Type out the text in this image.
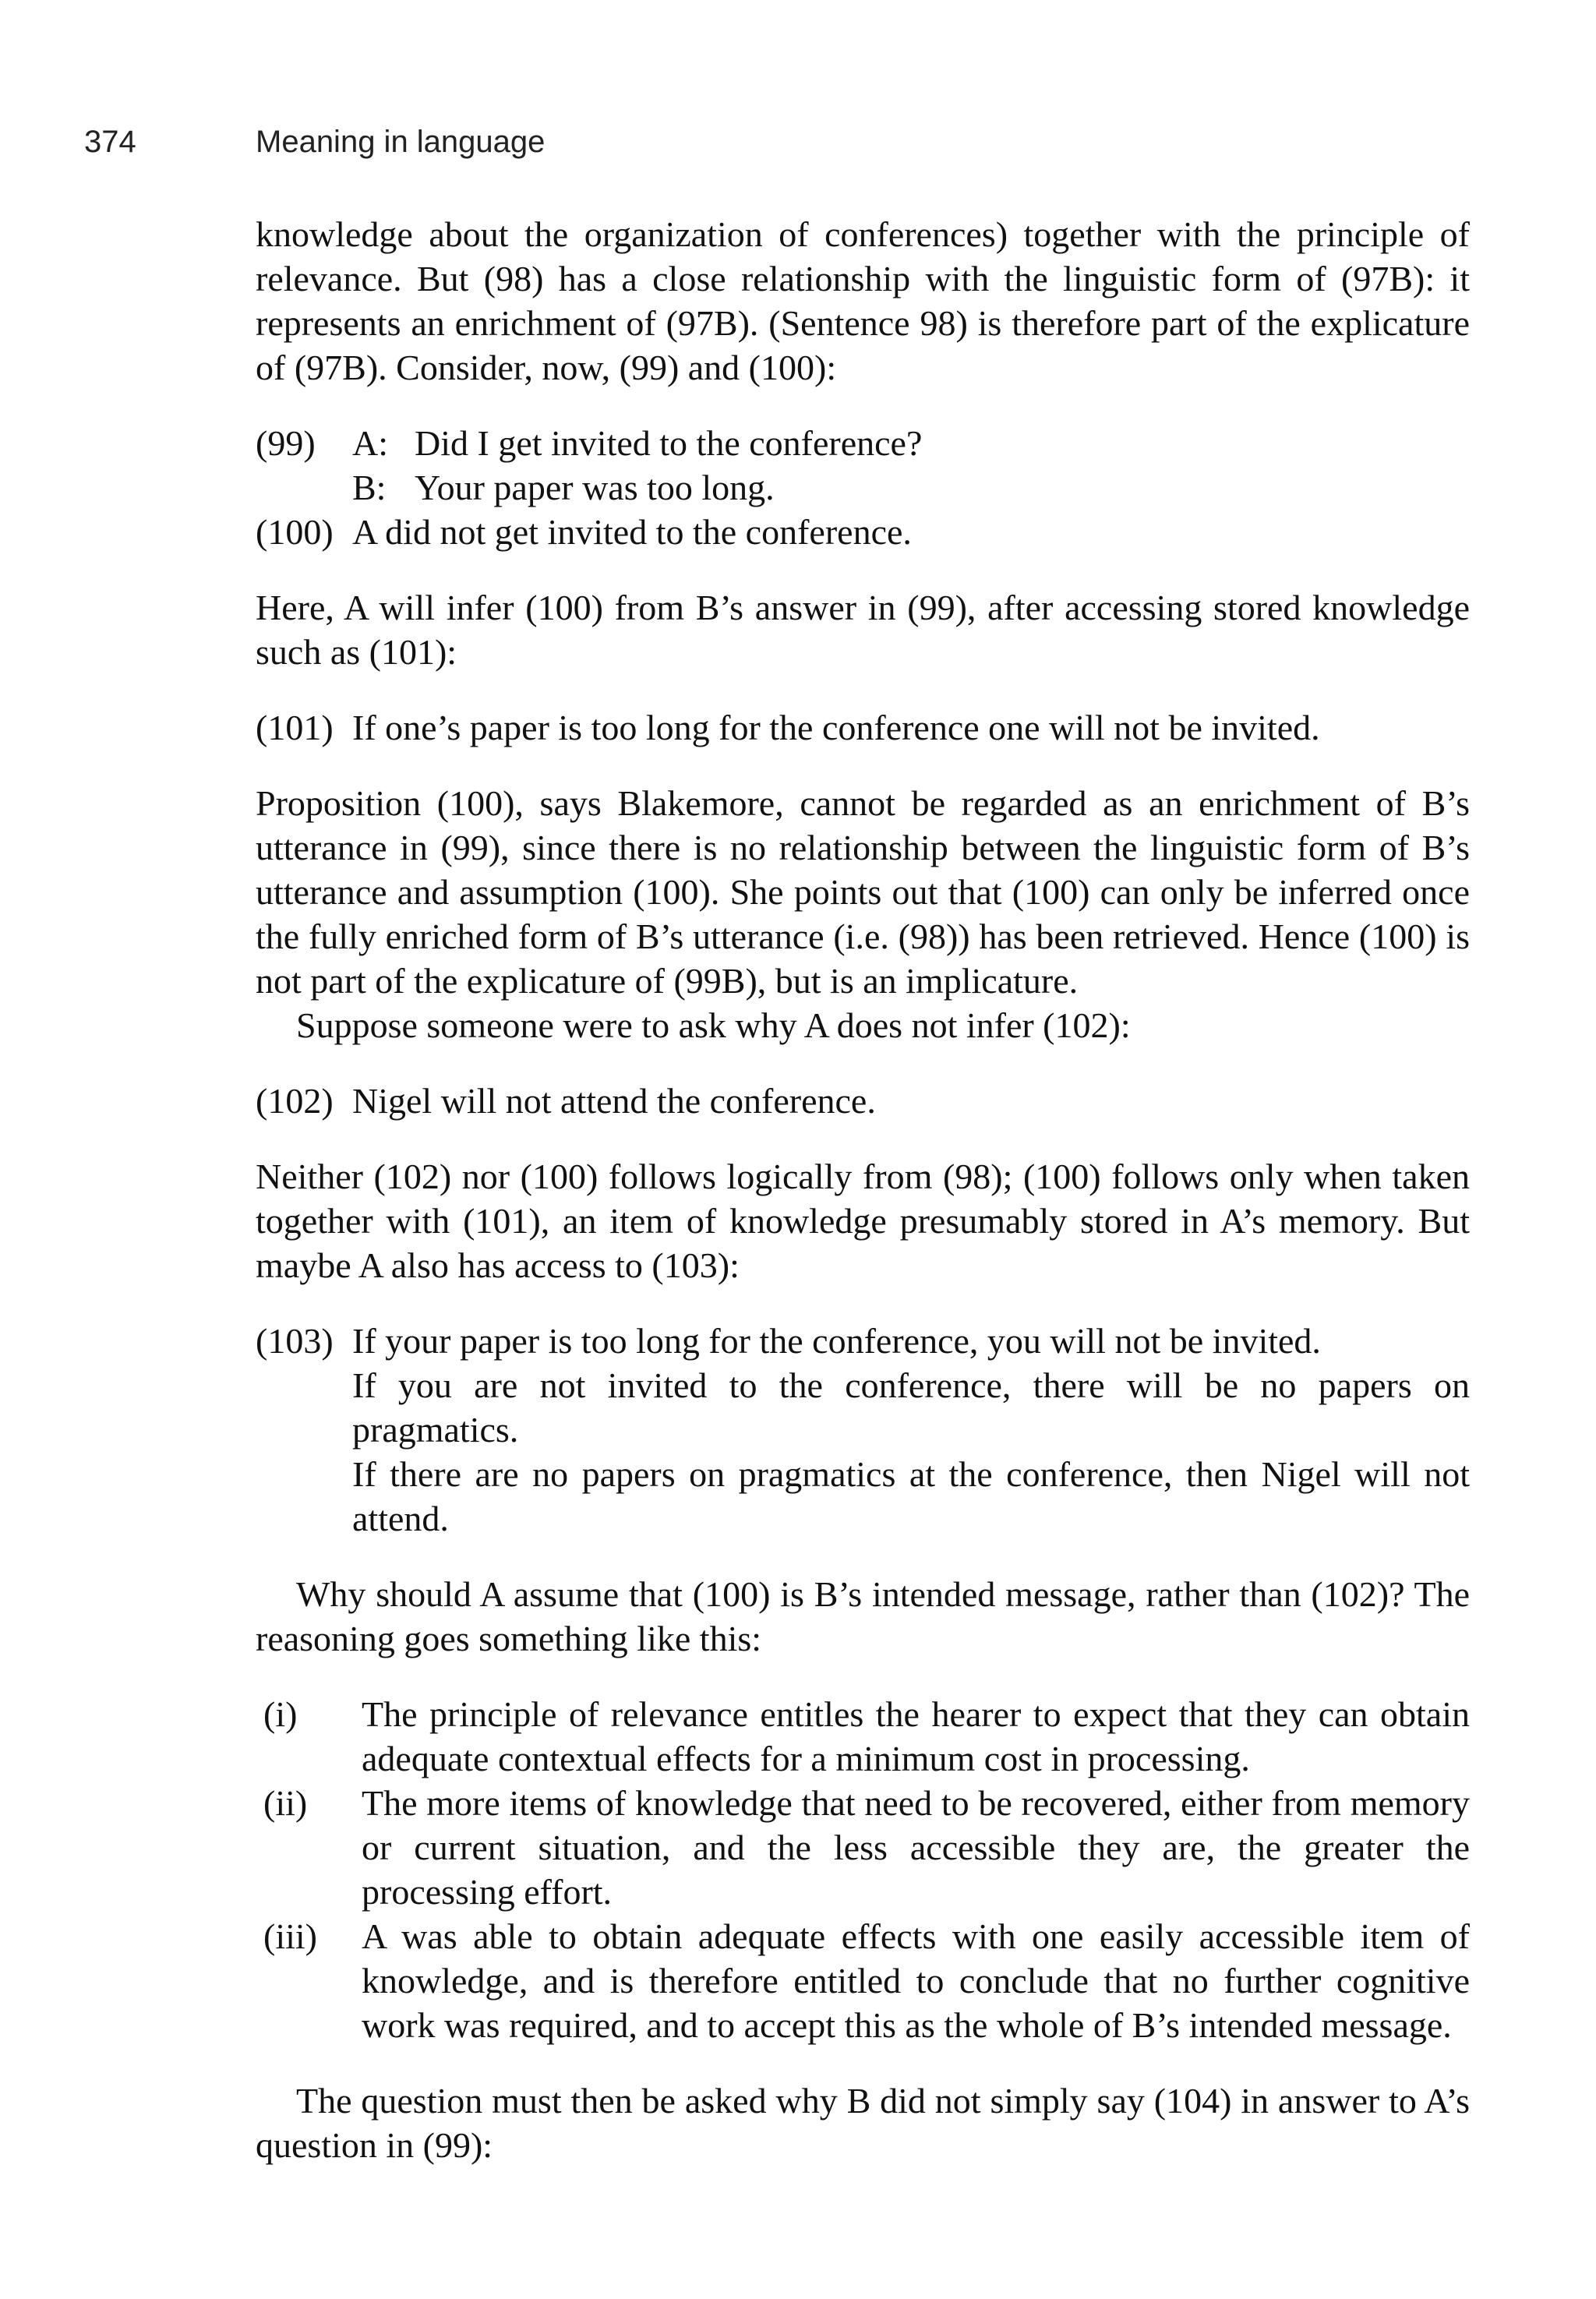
374	Meaning in language

knowledge about the organization of conferences) together with the principle of relevance. But (98) has a close relationship with the linguistic form of (97B): it represents an enrichment of (97B). (Sentence 98) is therefore part of the explicature of (97B). Consider, now, (99) and (100):

(99)	A: Did I get invited to the conference?
B: Your paper was too long.
(100) A did not get invited to the conference.

Here, A will infer (100) from B’s answer in (99), after accessing stored knowledge such as (101):

(101) If one’s paper is too long for the conference one will not be invited.

Proposition (100), says Blakemore, cannot be regarded as an enrichment of B’s utterance in (99), since there is no relationship between the linguistic form of B’s utterance and assumption (100). She points out that (100) can only be inferred once the fully enriched form of B’s utterance (i.e. (98)) has been retrieved. Hence (100) is not part of the explicature of (99B), but is an implicature.

Suppose someone were to ask why A does not infer (102):

(102) Nigel will not attend the conference.

Neither (102) nor (100) follows logically from (98); (100) follows only when taken together with (101), an item of knowledge presumably stored in A’s memory. But maybe A also has access to (103):

(103) If your paper is too long for the conference, you will not be invited.

If you are not invited to the conference, there will be no papers on pragmatics.

If there are no papers on pragmatics at the conference, then Nigel will not attend.

Why should A assume that (100) is B’s intended message, rather than (102)? The reasoning goes something like this:

(i)	The principle of relevance entitles the hearer to expect that they can obtain adequate contextual effects for a minimum cost in processing.
(ii)	The more items of knowledge that need to be recovered, either from memory or current situation, and the less accessible they are, the greater the processing effort.
(iii)	A was able to obtain adequate effects with one easily accessible item of knowledge, and is therefore entitled to conclude that no further cognitive work was required, and to accept this as the whole of B’s intended message.

The question must then be asked why B did not simply say (104) in answer to A’s question in (99):
